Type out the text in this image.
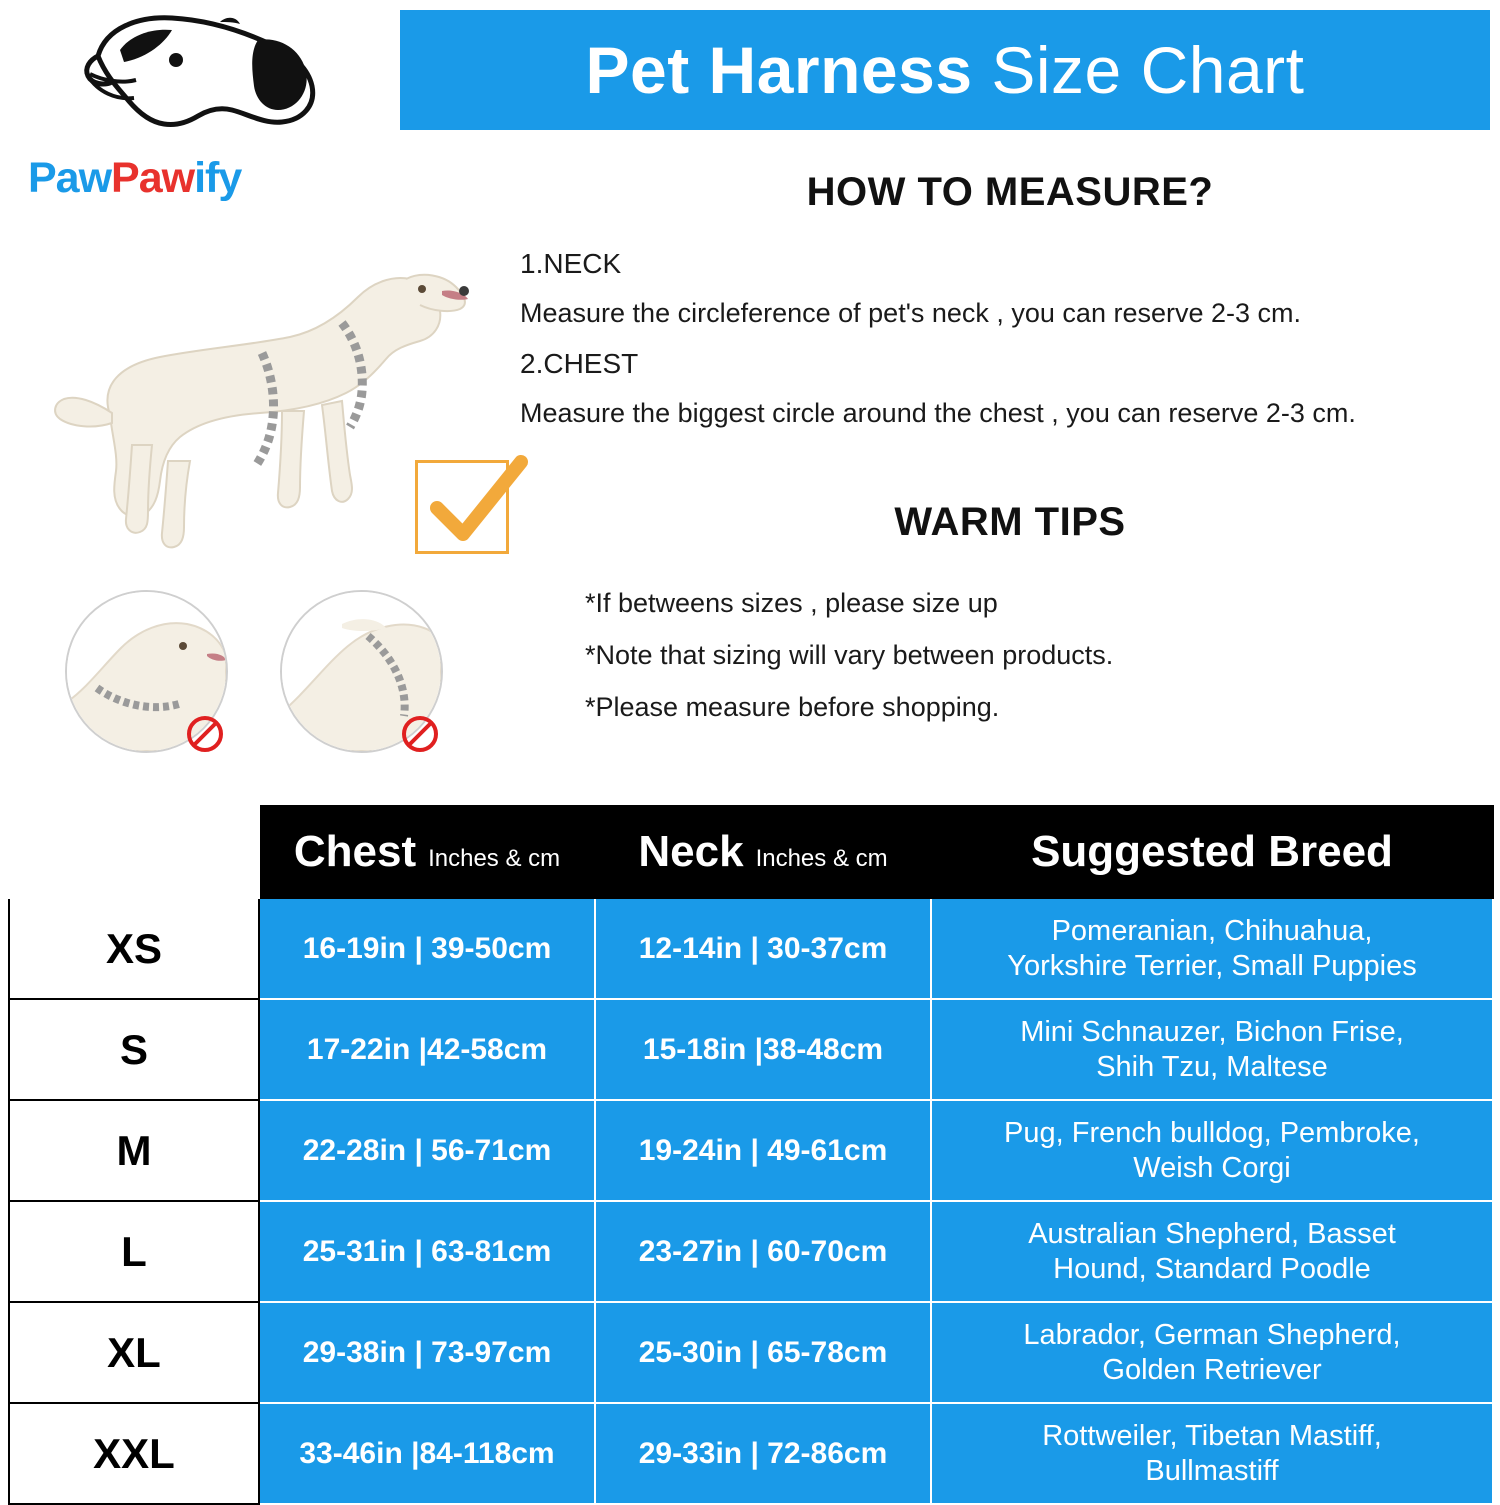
Pet Harness Size Chart
PawPawify	HOW TO MEASURE?
1.NECK
Measure the circleference of pet's neck , you can reserve 2-3 cm.
2.CHEST
Measure the biggest circle around the chest , you can reserve 2-3 cm.
WARM TIPS
*If betweens sizes , please size up
*Note that sizing will vary between products.
*Please measure before shopping.

	Chest Inches & cm	Neck Inches & cm	Suggested Breed

XS	16-19in | 39-50cm	12-14in | 30-37cm	Pomeranian, Chihuahua,
Yorkshire Terrier, Small Puppies

S	17-22in |42-58cm	15-18in |38-48cm	Mini Schnauzer, Bichon Frise,
Shih Tzu, Maltese

M	22-28in | 56-71cm	19-24in | 49-61cm	Pug, French bulldog, Pembroke,
Weish Corgi

L	25-31in | 63-81cm	23-27in | 60-70cm	Australian Shepherd, Basset
Hound, Standard Poodle

XL	29-38in | 73-97cm	25-30in | 65-78cm	Labrador, German Shepherd,
Golden Retriever

XXL	33-46in |84-118cm	29-33in | 72-86cm	Rottweiler, Tibetan Mastiff,
Bullmastiff
